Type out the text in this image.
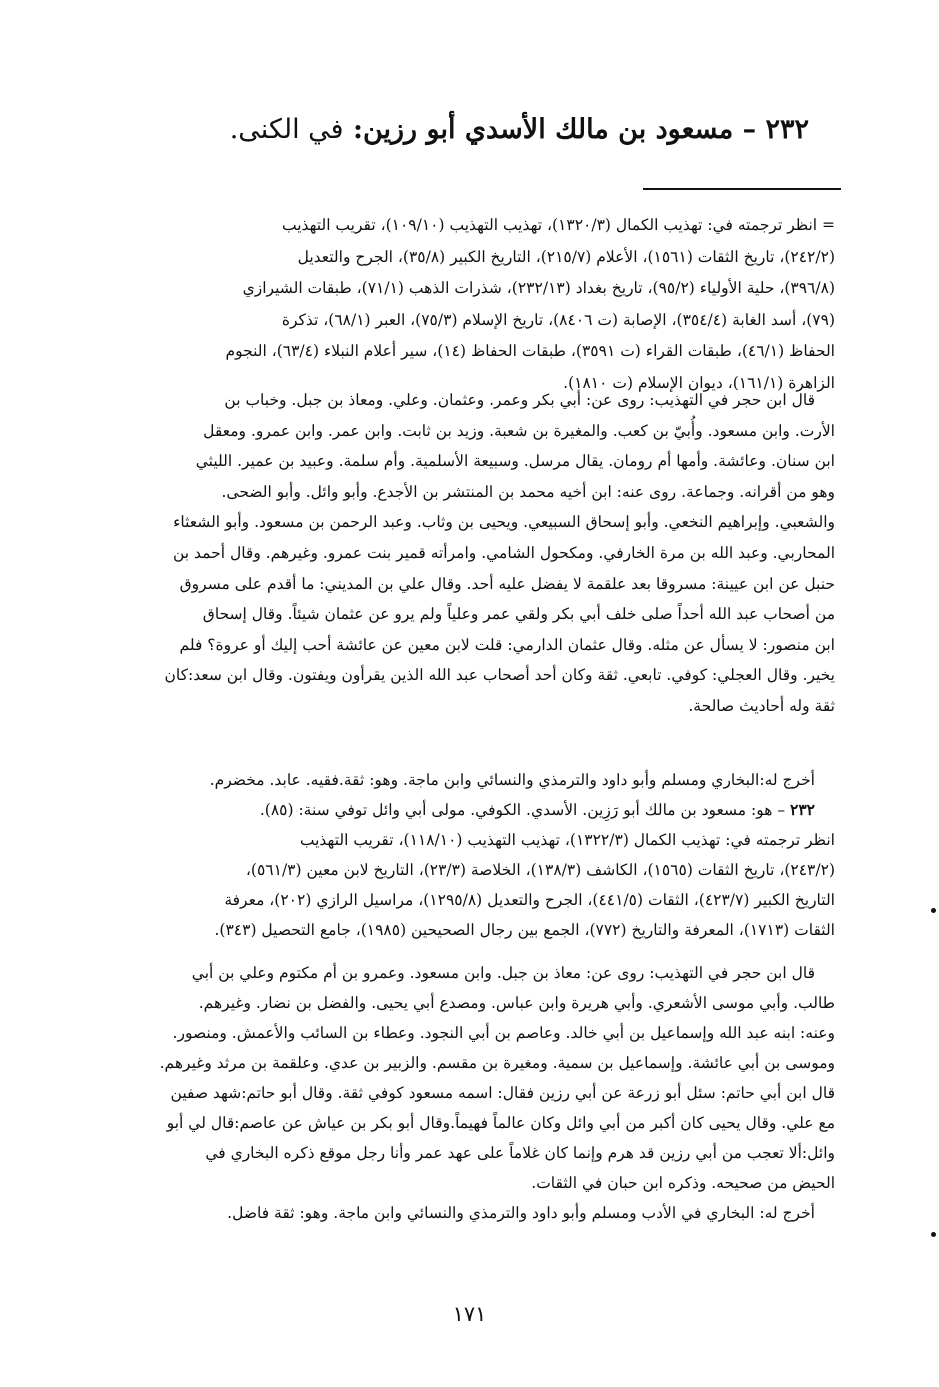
٢٣٢ – مسعود بن مالك الأسدي أبو رزين: في الكنى.

= انظر ترجمته في: تهذيب الكمال (١٣٢٠/٣)، تهذيب التهذيب (١٠٩/١٠)، تقريب التهذيب

(٢٤٢/٢)، تاريخ الثقات (١٥٦١)، الأعلام (٢١٥/٧)، التاريخ الكبير (٣٥/٨)، الجرح والتعديل

(٣٩٦/٨)، حلية الأولياء (٩٥/٢)، تاريخ بغداد (٢٣٢/١٣)، شذرات الذهب (٧١/١)، طبقات الشيرازي

(٧٩)، أسد الغابة (٣٥٤/٤)، الإصابة (ت ٨٤٠٦)، تاريخ الإسلام (٧٥/٣)، العبر (٦٨/١)، تذكرة

الحفاظ (٤٦/١)، طبقات القراء (ت ٣٥٩١)، طبقات الحفاظ (١٤)، سير أعلام النبلاء (٦٣/٤)، النجوم

الزاهرة (١٦١/١)، ديوان الإسلام (ت ١٨١٠).

قال ابن حجر في التهذيب: روى عن: أبي بكر وعمر. وعثمان. وعلي. ومعاذ بن جبل. وخباب بن

الأرت. وابن مسعود. وأُبيّ بن كعب. والمغيرة بن شعبة. وزيد بن ثابت. وابن عمر. وابن عمرو. ومعقل

ابن سنان. وعائشة. وأمها أم رومان. يقال مرسل. وسبيعة الأسلمية. وأم سلمة. وعبيد بن عمير. الليثي

وهو من أقرانه. وجماعة. روى عنه: ابن أخيه محمد بن المنتشر بن الأجدع. وأبو وائل. وأبو الضحى.

والشعبي. وإبراهيم النخعي. وأبو إسحاق السبيعي. ويحيى بن وثاب. وعبد الرحمن بن مسعود. وأبو الشعثاء

المحاربي. وعبد الله بن مرة الخارفي. ومكحول الشامي. وامرأته قمير بنت عمرو. وغيرهم. وقال أحمد بن

حنبل عن ابن عيينة: مسروقا بعد علقمة لا يفضل عليه أحد. وقال علي بن المديني: ما أقدم على مسروق

من أصحاب عبد الله أحداً صلى خلف أبي بكر ولقي عمر وعلياً ولم يرو عن عثمان شيئاً. وقال إسحاق

ابن منصور: لا يسأل عن مثله. وقال عثمان الدارمي: قلت لابن معين عن عائشة أحب إليك أو عروة؟ فلم

يخير. وقال العجلي: كوفي. تابعي. ثقة وكان أحد أصحاب عبد الله الذين يقرأون ويفتون. وقال ابن سعد:كان

ثقة وله أحاديث صالحة.

أخرج له:البخاري ومسلم وأبو داود والترمذي والنسائي وابن ماجة. وهو: ثقة.فقيه. عابد. مخضرم.

٢٣٢ – هو: مسعود بن مالك أبو رَزِين. الأسدي. الكوفي. مولى أبي وائل توفي سنة: (٨٥).

انظر ترجمته في: تهذيب الكمال (١٣٢٢/٣)، تهذيب التهذيب (١١٨/١٠)، تقريب التهذيب

(٢٤٣/٢)، تاريخ الثقات (١٥٦٥)، الكاشف (١٣٨/٣)، الخلاصة (٢٣/٣)، التاريخ لابن معين (٥٦١/٣)،

التاريخ الكبير (٤٢٣/٧)، الثقات (٤٤١/٥)، الجرح والتعديل (١٢٩٥/٨)، مراسيل الرازي (٢٠٢)، معرفة

الثقات (١٧١٣)، المعرفة والتاريخ (٧٧٢)، الجمع بين رجال الصحيحين (١٩٨٥)، جامع التحصيل (٣٤٣).

قال ابن حجر في التهذيب: روى عن: معاذ بن جبل. وابن مسعود. وعمرو بن أم مكتوم وعلي بن أبي

طالب. وأبي موسى الأشعري. وأبي هريرة وابن عباس. ومصدع أبي يحيى. والفضل بن نضار. وغيرهم.

وعنه: ابنه عبد الله وإسماعيل بن أبي خالد. وعاصم بن أبي النجود. وعطاء بن السائب والأعمش. ومنصور.

وموسى بن أبي عائشة. وإسماعيل بن سمية. ومغيرة بن مقسم. والزبير بن عدي. وعلقمة بن مرثد وغيرهم.

قال ابن أبي حاتم: سئل أبو زرعة عن أبي رزين فقال: اسمه مسعود كوفي ثقة. وقال أبو حاتم:شهد صفين

مع علي. وقال يحيى كان أكبر من أبي وائل وكان عالماً فهيماً.وقال أبو بكر بن عياش عن عاصم:قال لي أبو

وائل:ألا تعجب من أبي رزين قد هرم وإنما كان غلاماً على عهد عمر وأنا رجل موقع ذكره البخاري في

الحيض من صحيحه. وذكره ابن حبان في الثقات.

أخرج له: البخاري في الأدب ومسلم وأبو داود والترمذي والنسائي وابن ماجة. وهو: ثقة فاضل.

١٧١
